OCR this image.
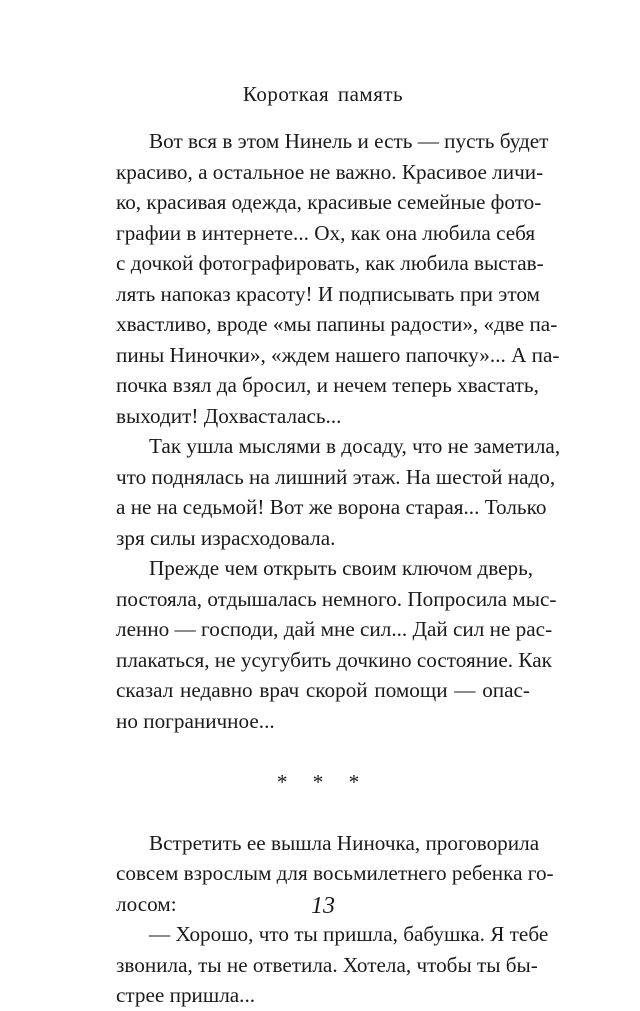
Короткая память
Вот вся в этом Нинель и есть — пусть будет
красиво, а остальное не важно. Красивое личи-
ко, красивая одежда, красивые семейные фото-
графии в интернете... Ох, как она любила себя
с дочкой фотографировать, как любила выстав-
лять напоказ красоту! И подписывать при этом
хвастливо, вроде «мы папины радости», «две па-
пины Ниночки», «ждем нашего папочку»... А па-
почка взял да бросил, и нечем теперь хвастать,
выходит! Дохвасталась...
Так ушла мыслями в досаду, что не заметила,
что поднялась на лишний этаж. На шестой надо,
а не на седьмой! Вот же ворона старая... Только
зря силы израсходовала.
Прежде чем открыть своим ключом дверь,
постояла, отдышалась немного. Попросила мыс-
ленно — господи, дай мне сил... Дай сил не рас-
плакаться, не усугубить дочкино состояние. Как
сказал недавно врач скорой помощи — опас-
но пограничное...
* * *
Встретить ее вышла Ниночка, проговорила
совсем взрослым для восьмилетнего ребенка го-
лосом:
— Хорошо, что ты пришла, бабушка. Я тебе
звонила, ты не ответила. Хотела, чтобы ты бы-
стрее пришла...
13
